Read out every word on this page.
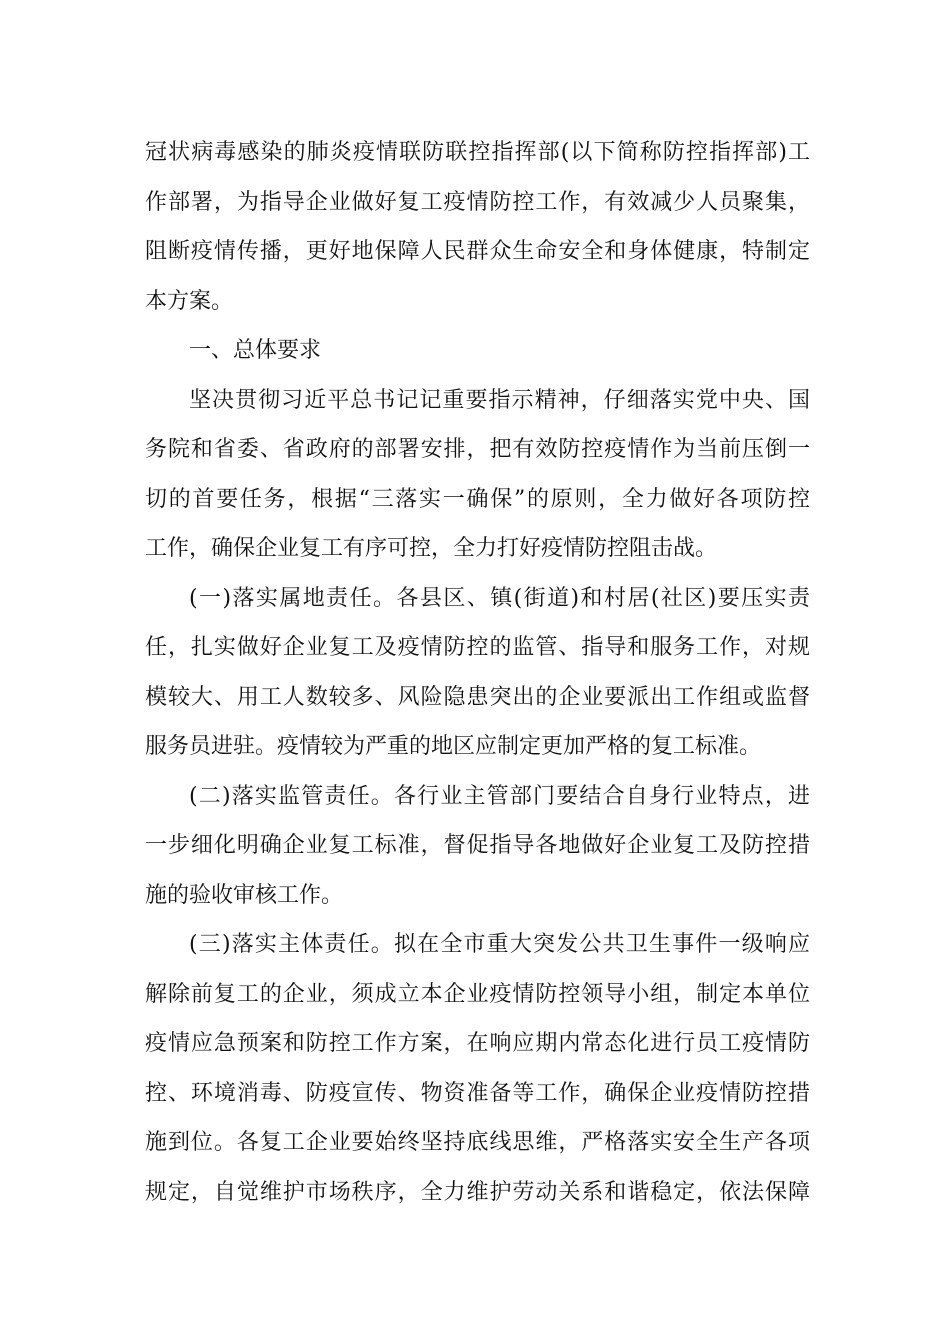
冠状病毒感染的肺炎疫情联防联控指挥部(以下简称防控指挥部)工
作部署，为指导企业做好复工疫情防控工作，有效减少人员聚集，
阻断疫情传播，更好地保障人民群众生命安全和身体健康，特制定
本方案。
一、总体要求
坚决贯彻习近平总书记记重要指示精神，仔细落实党中央、国
务院和省委、省政府的部署安排，把有效防控疫情作为当前压倒一
切的首要任务，根据“三落实一确保”的原则，全力做好各项防控
工作，确保企业复工有序可控，全力打好疫情防控阻击战。
(一)落实属地责任。各县区、镇(街道)和村居(社区)要压实责
任，扎实做好企业复工及疫情防控的监管、指导和服务工作，对规
模较大、用工人数较多、风险隐患突出的企业要派出工作组或监督
服务员进驻。疫情较为严重的地区应制定更加严格的复工标准。
(二)落实监管责任。各行业主管部门要结合自身行业特点，进
一步细化明确企业复工标准，督促指导各地做好企业复工及防控措
施的验收审核工作。
(三)落实主体责任。拟在全市重大突发公共卫生事件一级响应
解除前复工的企业，须成立本企业疫情防控领导小组，制定本单位
疫情应急预案和防控工作方案，在响应期内常态化进行员工疫情防
控、环境消毒、防疫宣传、物资准备等工作，确保企业疫情防控措
施到位。各复工企业要始终坚持底线思维，严格落实安全生产各项
规定，自觉维护市场秩序，全力维护劳动关系和谐稳定，依法保障
